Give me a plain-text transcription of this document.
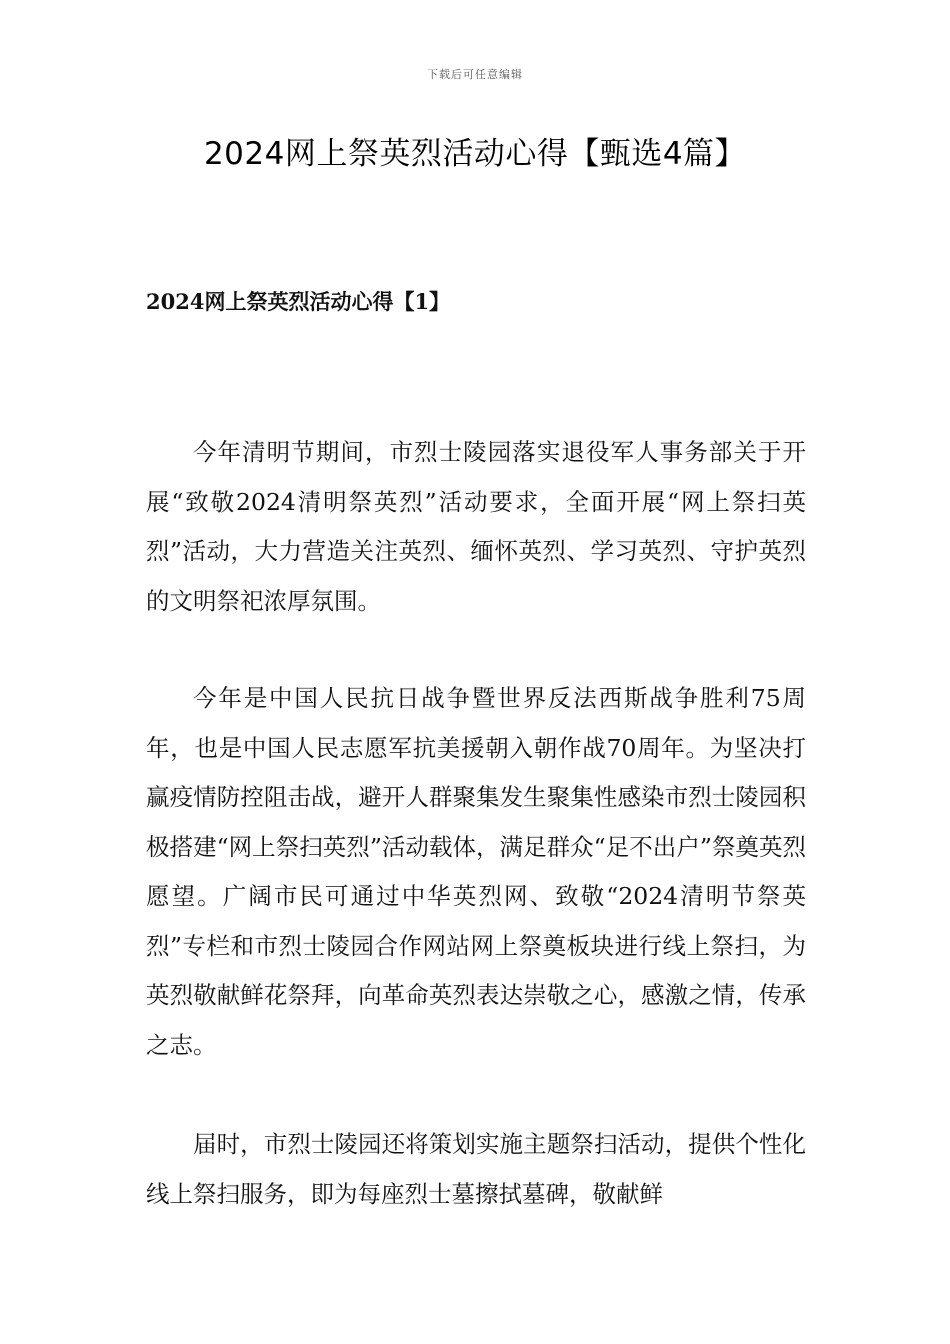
下载后可任意编辑
2024网上祭英烈活动心得【甄选4篇】
2024网上祭英烈活动心得【1】

今年清明节期间，市烈士陵园落实退役军人事务部关于开展“致敬2024清明祭英烈”活动要求，全面开展“网上祭扫英烈”活动，大力营造关注英烈、缅怀英烈、学习英烈、守护英烈的文明祭祀浓厚氛围。

今年是中国人民抗日战争暨世界反法西斯战争胜利75周年，也是中国人民志愿军抗美援朝入朝作战70周年。为坚决打赢疫情防控阻击战，避开人群聚集发生聚集性感染市烈士陵园积极搭建“网上祭扫英烈”活动载体，满足群众“足不出户”祭奠英烈愿望。广阔市民可通过中华英烈网、致敬“2024清明节祭英烈”专栏和市烈士陵园合作网站网上祭奠板块进行线上祭扫，为英烈敬献鲜花祭拜，向革命英烈表达崇敬之心，感激之情，传承之志。

届时，市烈士陵园还将策划实施主题祭扫活动，提供个性化线上祭扫服务，即为每座烈士墓擦拭墓碑，敬献鲜
